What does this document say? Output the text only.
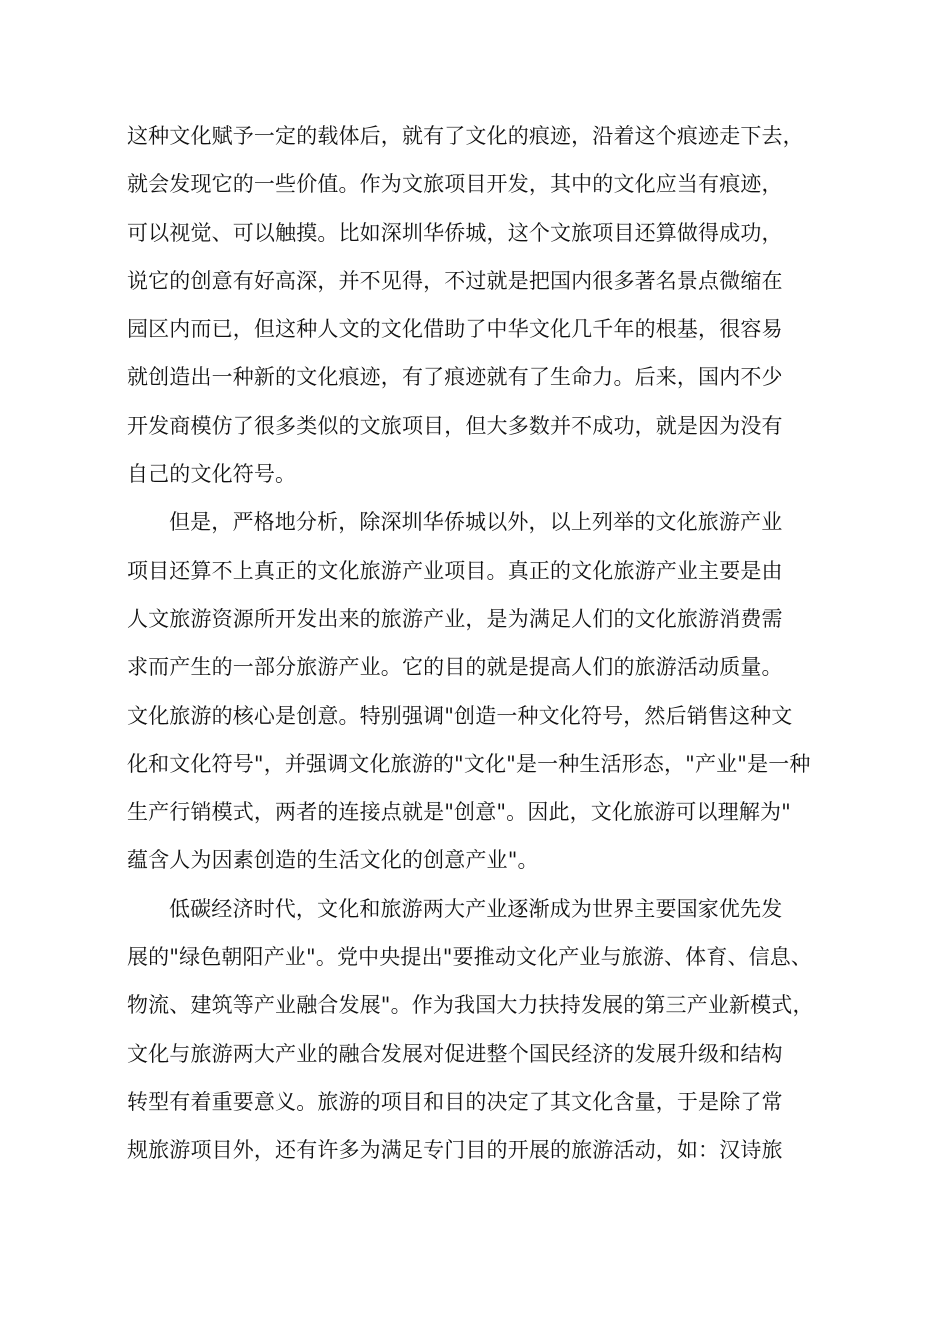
这种文化赋予一定的载体后，就有了文化的痕迹，沿着这个痕迹走下去，
就会发现它的一些价值。作为文旅项目开发，其中的文化应当有痕迹，
可以视觉、可以触摸。比如深圳华侨城，这个文旅项目还算做得成功，
说它的创意有好高深，并不见得，不过就是把国内很多著名景点微缩在
园区内而已，但这种人文的文化借助了中华文化几千年的根基，很容易
就创造出一种新的文化痕迹，有了痕迹就有了生命力。后来，国内不少
开发商模仿了很多类似的文旅项目，但大多数并不成功，就是因为没有
自己的文化符号。
但是，严格地分析，除深圳华侨城以外，以上列举的文化旅游产业
项目还算不上真正的文化旅游产业项目。真正的文化旅游产业主要是由
人文旅游资源所开发出来的旅游产业，是为满足人们的文化旅游消费需
求而产生的一部分旅游产业。它的目的就是提高人们的旅游活动质量。
文化旅游的核心是创意。特别强调"创造一种文化符号，然后销售这种文
化和文化符号"，并强调文化旅游的"文化"是一种生活形态，"产业"是一种
生产行销模式，两者的连接点就是"创意"。因此，文化旅游可以理解为"
蕴含人为因素创造的生活文化的创意产业"。
低碳经济时代，文化和旅游两大产业逐渐成为世界主要国家优先发
展的"绿色朝阳产业"。党中央提出"要推动文化产业与旅游、体育、信息、
物流、建筑等产业融合发展"。作为我国大力扶持发展的第三产业新模式，
文化与旅游两大产业的融合发展对促进整个国民经济的发展升级和结构
转型有着重要意义。旅游的项目和目的决定了其文化含量，于是除了常
规旅游项目外，还有许多为满足专门目的开展的旅游活动，如：汉诗旅
